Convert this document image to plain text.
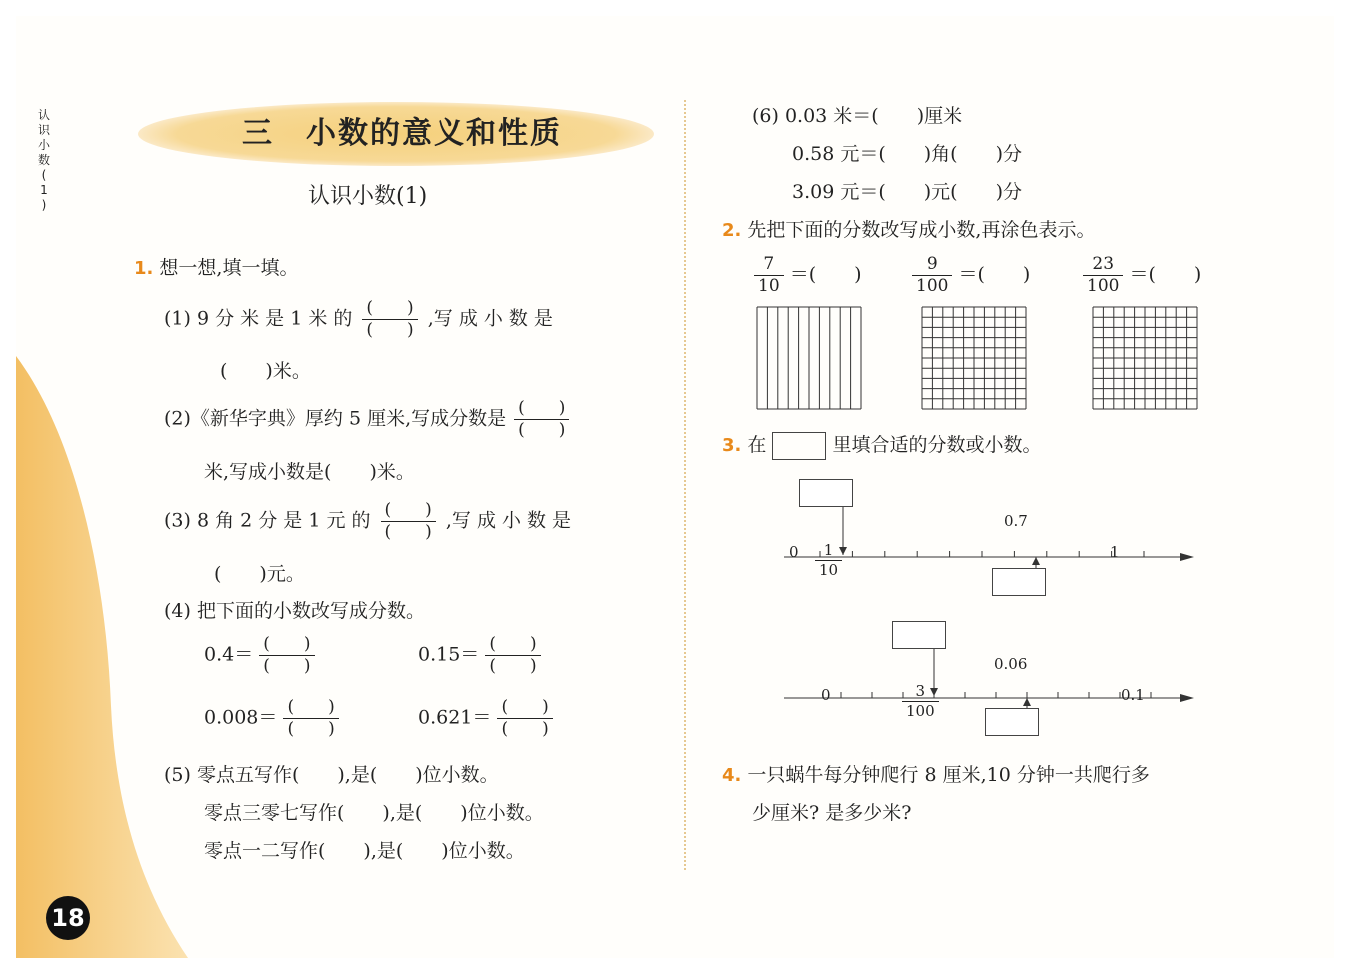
认
识
小
数
(
1
)
18
三　小数的意义和性质
认识小数(1)
1. 想一想,填一填。
(1) 9 分 米 是 1 米 的 $\frac{( )}{( )}$ ,写 成 小 数 是
(　　)米。
(2)《新华字典》厚约 5 厘米,写成分数是 $\frac{( )}{( )}$
米,写成小数是(　　)米。
(3) 8 角 2 分 是 1 元 的 $\frac{( )}{( )}$ ,写 成 小 数 是
(　　)元。
(4) 把下面的小数改写成分数。
$0.4= \frac{( )}{( )}$	$0.15= \frac{( )}{( )}$
$0.008= \frac{( )}{( )}$	$0.621= \frac{( )}{( )}$
(5) 零点五写作(　　),是(　　)位小数。
零点三零七写作(　　),是(　　)位小数。
零点一二写作(　　),是(　　)位小数。
(6) 0.03 米＝(　　)厘米
0.58 元＝(　　)角(　　)分
3.09 元＝(　　)元(　　)分
2. 先把下面的分数改写成小数,再涂色表示。
$\frac{7}{10}$ ＝(　　)	$\frac{9}{100}$ ＝(　　)	$\frac{23}{100}$ ＝(　　)
3. 在	里填合适的分数或小数。
0	1
0.7
$\frac{1}{10}$
0	0.1
0.06
$\frac{3}{100}$
4. 一只蜗牛每分钟爬行 8 厘米,10 分钟一共爬行多
少厘米? 是多少米?
